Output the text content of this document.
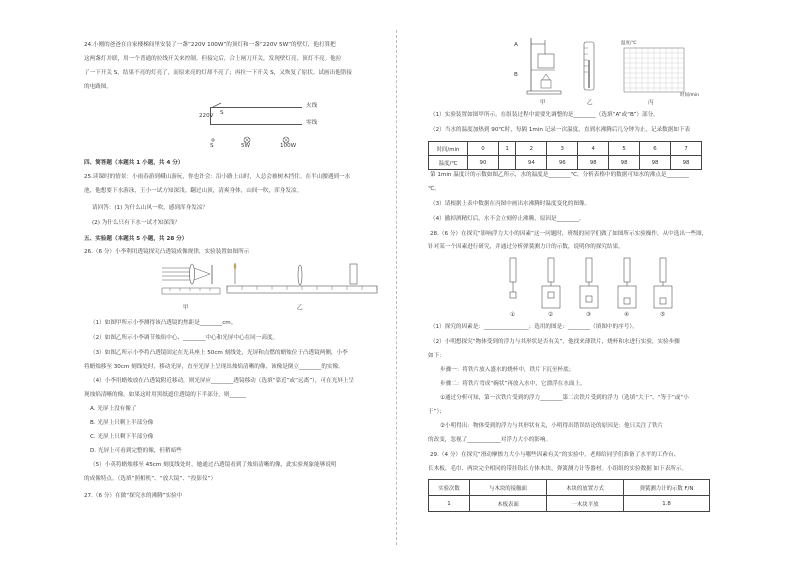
24.小刚的爸爸在自家楼梯间里安装了一盏“220V 100W”的顶灯和一盏“220V 5W”的壁灯，他打算把
这两盏灯并联，用一个普通的拉线开关来控制。但接完后，合上闸刀开关，发现壁灯亮、顶灯不亮。他拉
了一下开关 S，结果不亮的灯亮了，而原来亮的灯却不亮了；再拉一下开关 S，又恢复了原状。试画出他错接
的电路图。
220V
火线
零线
S
S	5W	100W
四、简答题（本题共 1 小题，共 4 分）
25.读课时的情景：小雨春游到峨山游玩，你也许会：沿小路上山时，人总会被树木挡住。在半山腰遇到一水
池，他想要下水游泳，王小一试方知深浅。翻过山顶，清爽身体，山间一吹，浑身发凉。
请回答：(1) 为什么山风一吹，感到浑身发凉？
(2) 为什么只有下水一试才知深浅？
五、实验题（本题共 5 小题，共 28 分）
26.（6 分）小李利用透镜探究凸透镜成像规律，实验装置如图所示
甲	乙
（1）如图甲所示小李测得该凸透镜的焦距是________cm。
（2）如图乙所示小李调节烛焰中心、________中心和光屏中心在同一高度。
（3）如图乙所示小李将凸透镜固定在光具座上 50cm 刻线处，光屏和点燃的蜡烛位于凸透镜两侧，小李
将蜡烛移至 30cm 刻线处时，移动光屏，直至光屏上呈现出烛焰清晰的像，该像是倒立________的实像。
（4）小李用蜡烛放在凸透镜附近移动，则光屏应________透镜移动（选填“靠近”或“远离”），可在光屏上呈
现烛焰清晰的像。如果这时用黑纸遮住透镜的下半部分，则______
A. 光屏上没有像了
B. 光屏上只剩上半部分像
C. 光屏上只剩下半部分像
D. 光屏上可看到完整的像，但稍暗些
（5）小英将蜡烛移至 45cm 刻度线处时，她通过凸透镜看到了烛焰清晰的像，此实验现象能够说明
的成像特点。（选填“照相机”、“放大镜”、“投影仪”）
27.（6 分）在做“探究水的沸腾”实验中
A
B
甲	乙
温度/℃
时间/min
丙
（1）实验装置如图甲所示，在组装过程中需要先调整的是________（选填“A”或“B”）部分。
（2）当水的温度加热到 90℃时，每隔 1min 记录一次温度，直到水沸腾后几分钟为止，记录数据如下表
时间/min	0	1	2	3	4	5	6	7
温度/℃	90		94	96	98	98	98	98
第 1min 温度计的示数如图乙所示，水的温度是________℃，分析表格中的数据可知水的沸点是________
℃。
（3）请根据上表中数据在丙图中画出水沸腾时温度变化的图像。
（4）撤掉酒精灯后，水不会立刻停止沸腾，原因是________。
28.（6 分）在探究“影响浮力大小的因素”这一问题时，班级的同学们做了如图所示实验操作，从中选出一些图，
针对某一个因素进行研究，并通过分析弹簧测力计的示数，说明你的探究结果。
①	②	③	④	⑤
（1）探究的因素是：________________；选用的图是：________（填图中的序号）。
（2）小明想探究“物体受到的浮力与其形状是否有关”，他找来薄铁片，烧杯和水进行实验，实验步骤
如下：
步骤一：将铁片放入盛水的烧杯中，铁片下沉至杯底；
步骤二：将铁片弯成“碗状”再放入水中，它漂浮在水面上。
①通过分析可知，第一次铁片受到的浮力________第二次铁片受到的浮力（选填“大于”、“等于”或“小
于”）；
②小明得出：物体受到的浮力与其形状有关，小明得出错误结论的原因是：他只关注了铁片
的改变，忽视了____________对浮力大小的影响。
29.（4 分）在探究“滑动摩擦力大小与哪些因素有关”的实验中，老师给同学们准备了水平的工作台、
长木板、毛巾、两块完全相同的带挂钩长方体木块，弹簧测力计等器材。小组组的实验数据 如下表所示。
实验次数	与木块的接触面	木块的放置方式	弹簧测力计的示数 F/N
1	木板表面	一木块平放	1.8
